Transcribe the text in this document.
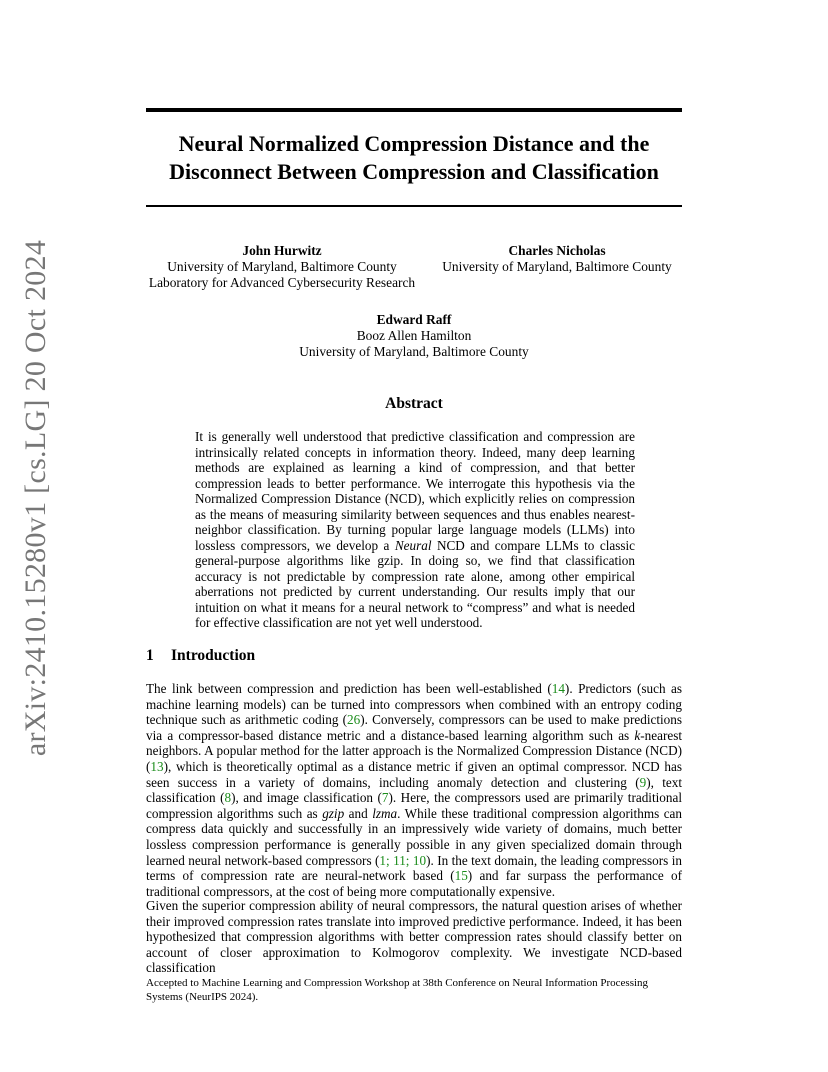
arXiv:2410.15280v1 [cs.LG] 20 Oct 2024
Neural Normalized Compression Distance and the
Disconnect Between Compression and Classification
John Hurwitz
University of Maryland, Baltimore County
Laboratory for Advanced Cybersecurity Research
Charles Nicholas
University of Maryland, Baltimore County
Edward Raff
Booz Allen Hamilton
University of Maryland, Baltimore County
Abstract

It is generally well understood that predictive classification and compression are intrinsically related concepts in information theory. Indeed, many deep learning methods are explained as learning a kind of compression, and that better compression leads to better performance. We interrogate this hypothesis via the Normalized Compression Distance (NCD), which explicitly relies on compression as the means of measuring similarity between sequences and thus enables nearest-neighbor classification. By turning popular large language models (LLMs) into lossless compressors, we develop a Neural NCD and compare LLMs to classic general-purpose algorithms like gzip. In doing so, we find that classification accuracy is not predictable by compression rate alone, among other empirical aberrations not predicted by current understanding. Our results imply that our intuition on what it means for a neural network to “compress” and what is needed for effective classification are not yet well understood.

1 Introduction

The link between compression and prediction has been well-established ( 14 ) . Predictors (such as machine learning models) can be turned into compressors when combined with an entropy coding technique such as arithmetic coding ( 26 ) . Conversely, compressors can be used to make predictions via a compressor-based distance metric and a distance-based learning algorithm such as k-nearest neighbors. A popular method for the latter approach is the Normalized Compression Distance (NCD) ( 13 ) , which is theoretically optimal as a distance metric if given an optimal compressor. NCD has seen success in a variety of domains, including anomaly detection and clustering ( 9 ) , text classification ( 8 ) , and image classification ( 7 ) . Here, the compressors used are primarily traditional compression algorithms such as gzip and lzma. While these traditional compression algorithms can compress data quickly and successfully in an impressively wide variety of domains, much better lossless compression performance is generally possible in any given specialized domain through learned neural network-based compressors ( 1; 11; 10 ) . In the text domain, the leading compressors in terms of compression rate are neural-network based ( 15 ) and far surpass the performance of traditional compressors, at the cost of being more computationally expensive.

Given the superior compression ability of neural compressors, the natural question arises of whether their improved compression rates translate into improved predictive performance. Indeed, it has been hypothesized that compression algorithms with better compression rates should classify better on account of closer approximation to Kolmogorov complexity. We investigate NCD-based classification

Accepted to Machine Learning and Compression Workshop at 38th Conference on Neural Information Processing Systems (NeurIPS 2024).
